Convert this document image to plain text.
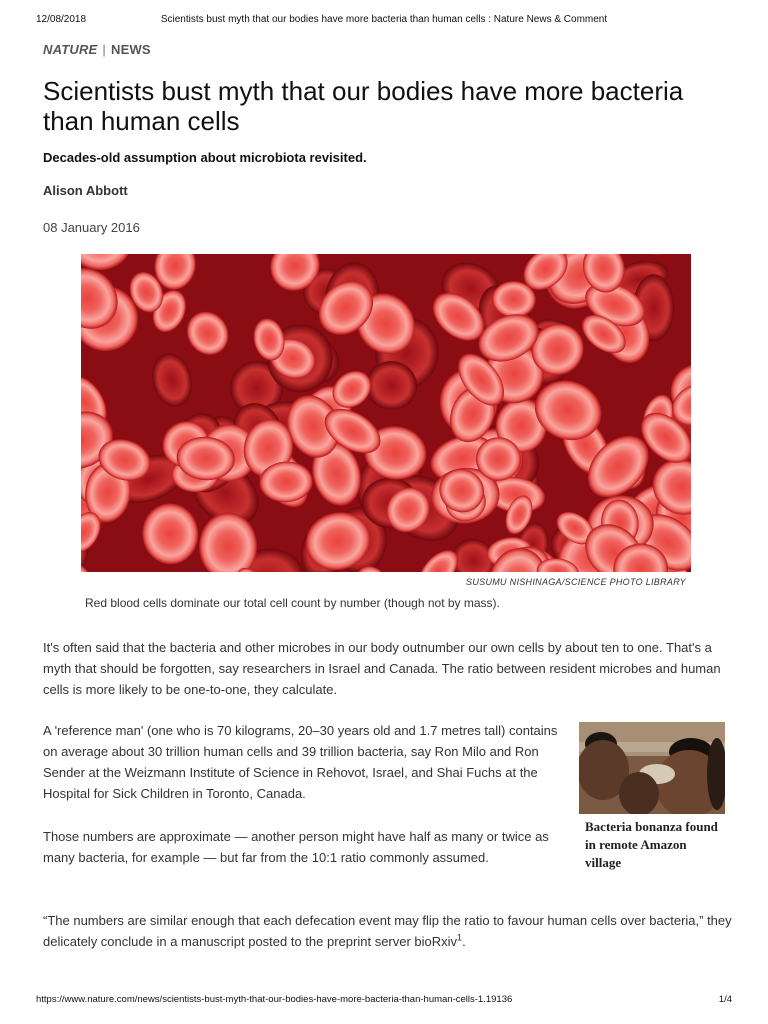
12/08/2018	Scientists bust myth that our bodies have more bacteria than human cells : Nature News & Comment
NATURE | NEWS
Scientists bust myth that our bodies have more bacteria than human cells
Decades-old assumption about microbiota revisited.
Alison Abbott
08 January 2016
SUSUMU NISHINAGA/SCIENCE PHOTO LIBRARY
Red blood cells dominate our total cell count by number (though not by mass).

It's often said that the bacteria and other microbes in our body outnumber our own cells by about ten to one. That's a myth that should be forgotten, say researchers in Israel and Canada. The ratio between resident microbes and human cells is more likely to be one-to-one, they calculate.

A 'reference man' (one who is 70 kilograms, 20–30 years old and 1.7 metres tall) contains on average about 30 trillion human cells and 39 trillion bacteria, say Ron Milo and Ron Sender at the Weizmann Institute of Science in Rehovot, Israel, and Shai Fuchs at the Hospital for Sick Children in Toronto, Canada.

Those numbers are approximate — another person might have half as many or twice as many bacteria, for example — but far from the 10:1 ratio commonly assumed.

“The numbers are similar enough that each defecation event may flip the ratio to favour human cells over bacteria,” they delicately conclude in a manuscript posted to the preprint server bioRxiv$^1$.

Bacteria bonanza found in remote Amazon village

https://www.nature.com/news/scientists-bust-myth-that-our-bodies-have-more-bacteria-than-human-cells-1.19136	1/4
